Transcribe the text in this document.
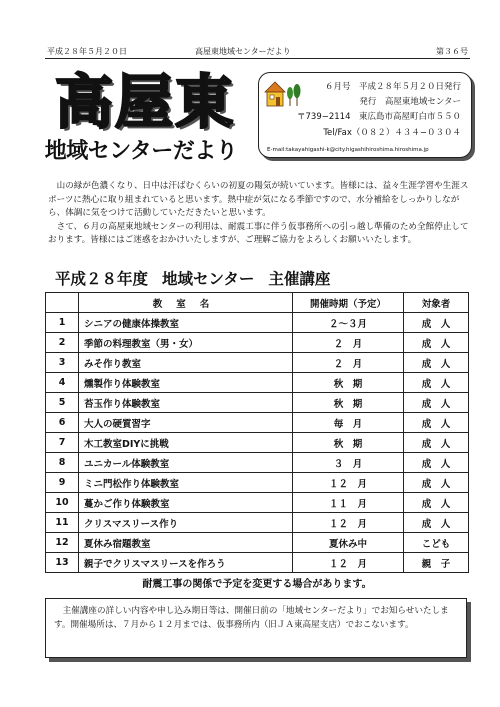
平成２８年５月２０日	高屋東地域センターだより	第３６号
高屋東
地域センターだより
６月号　平成２８年５月２０日発行
発行　高屋東地域センター
〒739−2114　東広島市高屋町白市５５０
Tel/Fax（０８２）４３４−０３０４
E-mail:takayahigashi-k@city.higashihiroshima.hiroshima.jp

山の緑が色濃くなり、日中は汗ばむくらいの初夏の陽気が続いています。皆様には、益々生涯学習や生涯スポーツに熱心に取り組まれていると思います。熱中症が気になる季節ですので、水分補給をしっかりしながら、体調に気をつけて活動していただきたいと思います。

さて、６月の高屋東地域センターの利用は、耐震工事に伴う仮事務所への引っ越し準備のため全館停止しております。皆様にはご迷惑をおかけいたしますが、ご理解ご協力をよろしくお願いいたします。

平成２８年度 地域センター 主催講座
	教室名	開催時期（予定）	対象者
1	シニアの健康体操教室	２〜３月	成　人
2	季節の料理教室（男・女）	２　月	成　人
3	みそ作り教室	２　月	成　人
4	燻製作り体験教室	秋　期	成　人
5	苔玉作り体験教室	秋　期	成　人
6	大人の硬質習字	毎　月	成　人
7	木工教室DIYに挑戦	秋　期	成　人
8	ユニカール体験教室	３　月	成　人
9	ミニ門松作り体験教室	１２　月	成　人
10	蔓かご作り体験教室	１１　月	成　人
11	クリスマスリース作り	１２　月	成　人
12	夏休み宿題教室	夏休み中	こども
13	親子でクリスマスリースを作ろう	１２　月	親　子
耐震工事の関係で予定を変更する場合があります。

主催講座の詳しい内容や申し込み期日等は、開催日前の「地域センターだより」でお知らせいたします。開催場所は、７月から１２月までは、仮事務所内（旧ＪＡ東高屋支店）でおこないます。
